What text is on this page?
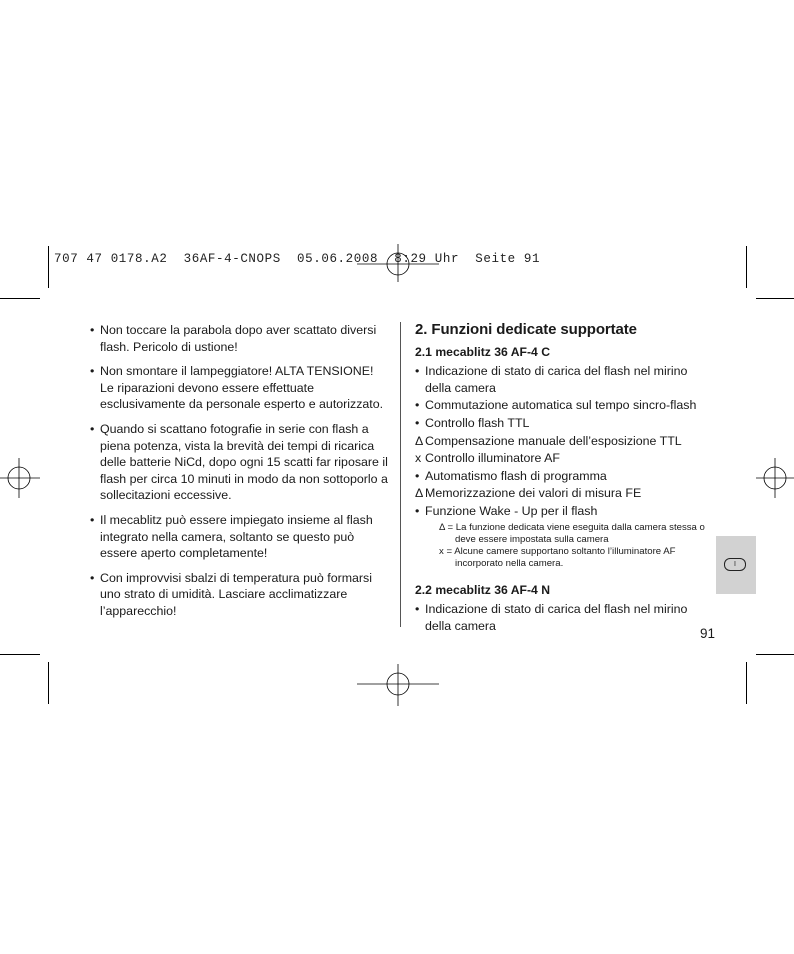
707 47 0178.A2  36AF-4-CNOPS  05.06.2008  8:29 Uhr  Seite 91

• Non toccare la parabola dopo aver scattato diversi flash. Pericolo di ustione!

• Non smontare il lampeggiatore! ALTA TENSIONE! Le riparazioni devono essere effettuate esclusivamente da personale esperto e autorizzato.

• Quando si scattano fotografie in serie con flash a piena potenza, vista la brevità dei tempi di ricarica delle batterie NiCd, dopo ogni 15 scatti far riposare il flash per circa 10 minuti in modo da non sottoporlo a sollecitazioni eccessive.

• Il mecablitz può essere impiegato insieme al flash integrato nella camera, soltanto se questo può essere aperto completamente!

• Con improvvisi sbalzi di temperatura può formarsi uno strato di umidità. Lasciare acclimatizzare l’apparecchio!

2. Funzioni dedicate supportate
2.1 mecablitz 36 AF-4 C
• Indicazione di stato di carica del flash nel mirino della camera
• Commutazione automatica sul tempo sincro-flash
• Controllo flash TTL
Δ Compensazione manuale dell’esposizione TTL
x Controllo illuminatore AF
• Automatismo flash di programma
Δ Memorizzazione dei valori di misura FE
• Funzione Wake - Up per il flash
Δ = La funzione dedicata viene eseguita dalla camera stessa o deve essere impostata sulla camera
x = Alcune camere supportano soltanto l’illuminatore AF incorporato nella camera.
2.2 mecablitz 36 AF-4 N
• Indicazione di stato di carica del flash nel mirino della camera
I
91
